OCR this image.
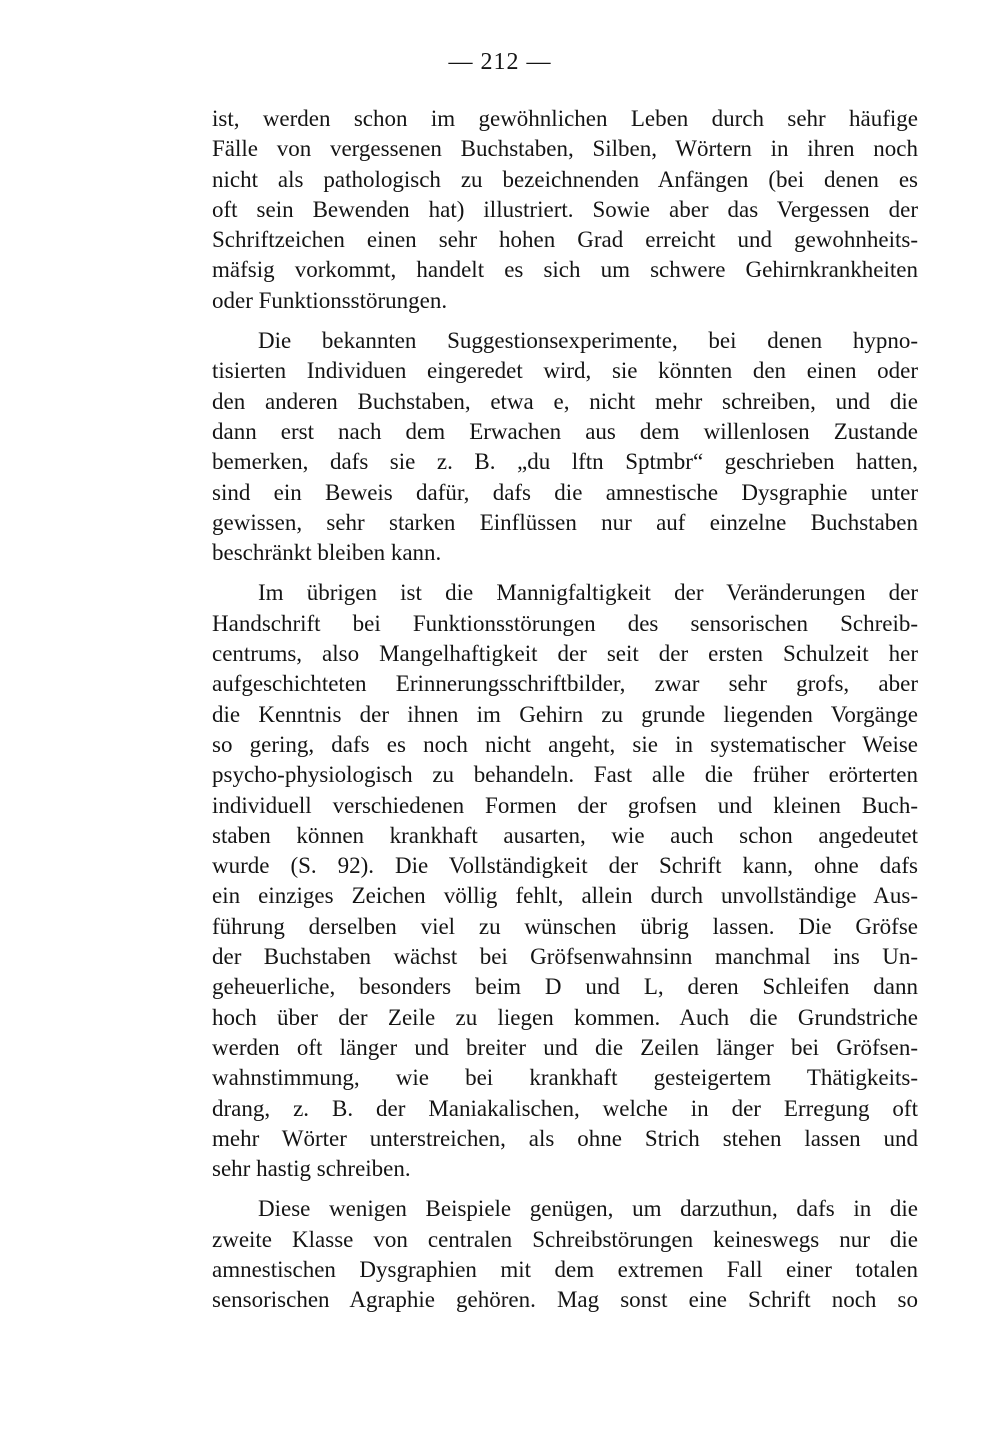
— 212 —
ist, werden schon im gewöhnlichen Leben durch sehr häufige
Fälle von vergessenen Buchstaben, Silben, Wörtern in ihren noch
nicht als pathologisch zu bezeichnenden Anfängen (bei denen es
oft sein Bewenden hat) illustriert. Sowie aber das Vergessen der
Schriftzeichen einen sehr hohen Grad erreicht und gewohnheits-
mäfsig vorkommt, handelt es sich um schwere Gehirnkrankheiten
oder Funktionsstörungen.
Die bekannten Suggestionsexperimente, bei denen hypno-
tisierten Individuen eingeredet wird, sie könnten den einen oder
den anderen Buchstaben, etwa e, nicht mehr schreiben, und die
dann erst nach dem Erwachen aus dem willenlosen Zustande
bemerken, dafs sie z. B. „du lftn Sptmbr“ geschrieben hatten,
sind ein Beweis dafür, dafs die amnestische Dysgraphie unter
gewissen, sehr starken Einflüssen nur auf einzelne Buchstaben
beschränkt bleiben kann.
Im übrigen ist die Mannigfaltigkeit der Veränderungen der
Handschrift bei Funktionsstörungen des sensorischen Schreib-
centrums, also Mangelhaftigkeit der seit der ersten Schulzeit her
aufgeschichteten Erinnerungsschriftbilder, zwar sehr grofs, aber
die Kenntnis der ihnen im Gehirn zu grunde liegenden Vorgänge
so gering, dafs es noch nicht angeht, sie in systematischer Weise
psycho-physiologisch zu behandeln. Fast alle die früher erörterten
individuell verschiedenen Formen der grofsen und kleinen Buch-
staben können krankhaft ausarten, wie auch schon angedeutet
wurde (S. 92). Die Vollständigkeit der Schrift kann, ohne dafs
ein einziges Zeichen völlig fehlt, allein durch unvollständige Aus-
führung derselben viel zu wünschen übrig lassen. Die Gröfse
der Buchstaben wächst bei Gröfsenwahnsinn manchmal ins Un-
geheuerliche, besonders beim D und L, deren Schleifen dann
hoch über der Zeile zu liegen kommen. Auch die Grundstriche
werden oft länger und breiter und die Zeilen länger bei Gröfsen-
wahnstimmung, wie bei krankhaft gesteigertem Thätigkeits-
drang, z. B. der Maniakalischen, welche in der Erregung oft
mehr Wörter unterstreichen, als ohne Strich stehen lassen und
sehr hastig schreiben.
Diese wenigen Beispiele genügen, um darzuthun, dafs in die
zweite Klasse von centralen Schreibstörungen keineswegs nur die
amnestischen Dysgraphien mit dem extremen Fall einer totalen
sensorischen Agraphie gehören. Mag sonst eine Schrift noch so
